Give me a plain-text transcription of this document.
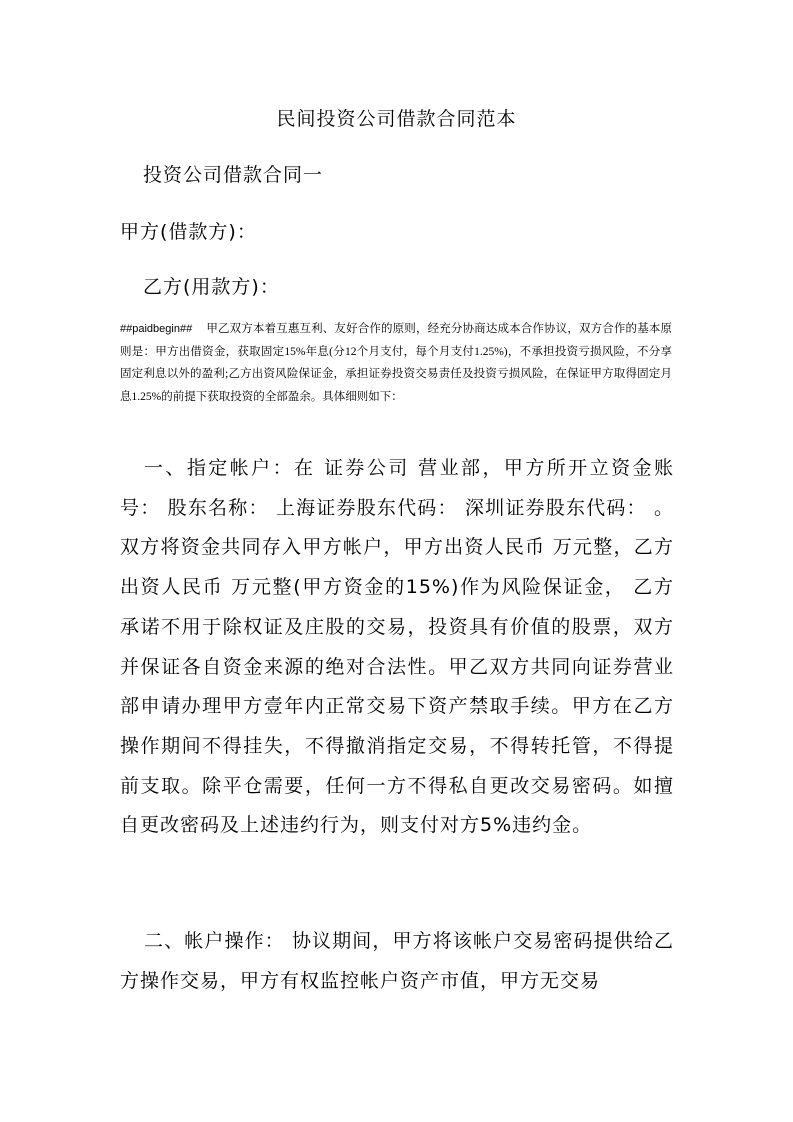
民间投资公司借款合同范本

投资公司借款合同一

甲方(借款方)：

乙方(用款方)：

##paidbegin## 甲乙双方本着互惠互利、友好合作的原则，经充分协商达成本合作协议，双方合作的基本原则是：甲方出借资金，获取固定15%年息(分12个月支付，每个月支付1.25%)，不承担投资亏损风险，不分享固定利息以外的盈利;乙方出资风险保证金，承担证券投资交易责任及投资亏损风险，在保证甲方取得固定月息1.25%的前提下获取投资的全部盈余。具体细则如下：

一、指定帐户：在 证券公司 营业部，甲方所开立资金账号： 股东名称： 上海证券股东代码： 深圳证券股东代码： 。双方将资金共同存入甲方帐户，甲方出资人民币 万元整，乙方出资人民币 万元整(甲方资金的15%)作为风险保证金， 乙方承诺不用于除权证及庄股的交易，投资具有价值的股票，双方并保证各自资金来源的绝对合法性。甲乙双方共同向证券营业部申请办理甲方壹年内正常交易下资产禁取手续。甲方在乙方操作期间不得挂失，不得撤消指定交易，不得转托管，不得提前支取。除平仓需要，任何一方不得私自更改交易密码。如擅自更改密码及上述违约行为，则支付对方5%违约金。

二、帐户操作： 协议期间，甲方将该帐户交易密码提供给乙方操作交易，甲方有权监控帐户资产市值，甲方无交易
